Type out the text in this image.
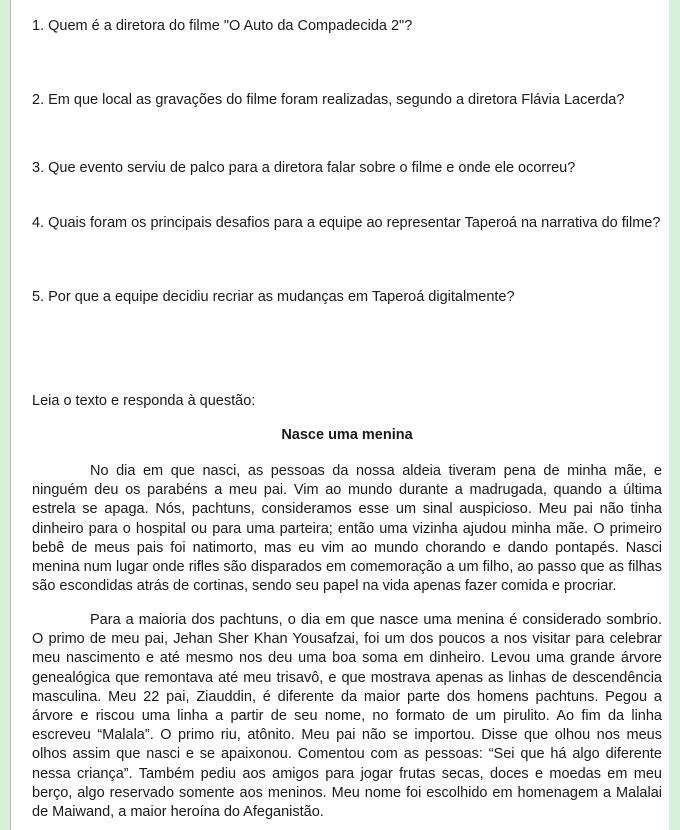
1. Quem é a diretora do filme "O Auto da Compadecida 2"?

2. Em que local as gravações do filme foram realizadas, segundo a diretora Flávia Lacerda?

3. Que evento serviu de palco para a diretora falar sobre o filme e onde ele ocorreu?

4. Quais foram os principais desafios para a equipe ao representar Taperoá na narrativa do filme?

5. Por que a equipe decidiu recriar as mudanças em Taperoá digitalmente?

Leia o texto e responda à questão:

Nasce uma menina

No dia em que nasci, as pessoas da nossa aldeia tiveram pena de minha mãe, e ninguém deu os parabéns a meu pai. Vim ao mundo durante a madrugada, quando a última estrela se apaga. Nós, pachtuns, consideramos esse um sinal auspicioso. Meu pai não tinha dinheiro para o hospital ou para uma parteira; então uma vizinha ajudou minha mãe. O primeiro bebê de meus pais foi natimorto, mas eu vim ao mundo chorando e dando pontapés. Nasci menina num lugar onde rifles são disparados em comemoração a um filho, ao passo que as filhas são escondidas atrás de cortinas, sendo seu papel na vida apenas fazer comida e procriar.

Para a maioria dos pachtuns, o dia em que nasce uma menina é considerado sombrio. O primo de meu pai, Jehan Sher Khan Yousafzai, foi um dos poucos a nos visitar para celebrar meu nascimento e até mesmo nos deu uma boa soma em dinheiro. Levou uma grande árvore genealógica que remontava até meu trisavô, e que mostrava apenas as linhas de descendência masculina. Meu 22 pai, Ziauddin, é diferente da maior parte dos homens pachtuns. Pegou a árvore e riscou uma linha a partir de seu nome, no formato de um pirulito. Ao fim da linha escreveu “Malala”. O primo riu, atônito. Meu pai não se importou. Disse que olhou nos meus olhos assim que nasci e se apaixonou. Comentou com as pessoas: “Sei que há algo diferente nessa criança”. Também pediu aos amigos para jogar frutas secas, doces e moedas em meu berço, algo reservado somente aos meninos. Meu nome foi escolhido em homenagem a Malalai de Maiwand, a maior heroína do Afeganistão.
